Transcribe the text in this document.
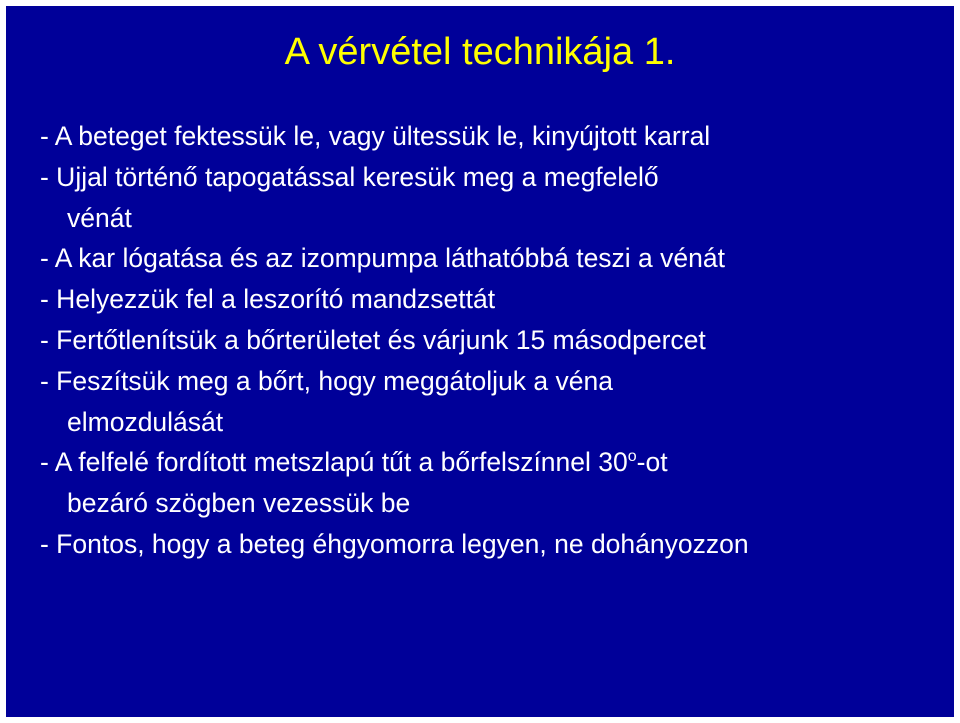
A vérvétel technikája 1.
- A beteget fektessük le, vagy ültessük le, kinyújtott karral
- Ujjal történő tapogatással keresük meg a megfelelő
vénát
- A kar lógatása és az izompumpa láthatóbbá teszi a vénát
- Helyezzük fel a leszorító mandzsettát
- Fertőtlenítsük a bőrterületet és várjunk 15 másodpercet
- Feszítsük meg a bőrt, hogy meggátoljuk a véna
elmozdulását
- A felfelé fordított metszlapú tűt a bőrfelszínnel 30$^o$-ot
bezáró szögben vezessük be
- Fontos, hogy a beteg éhgyomorra legyen, ne dohányozzon
